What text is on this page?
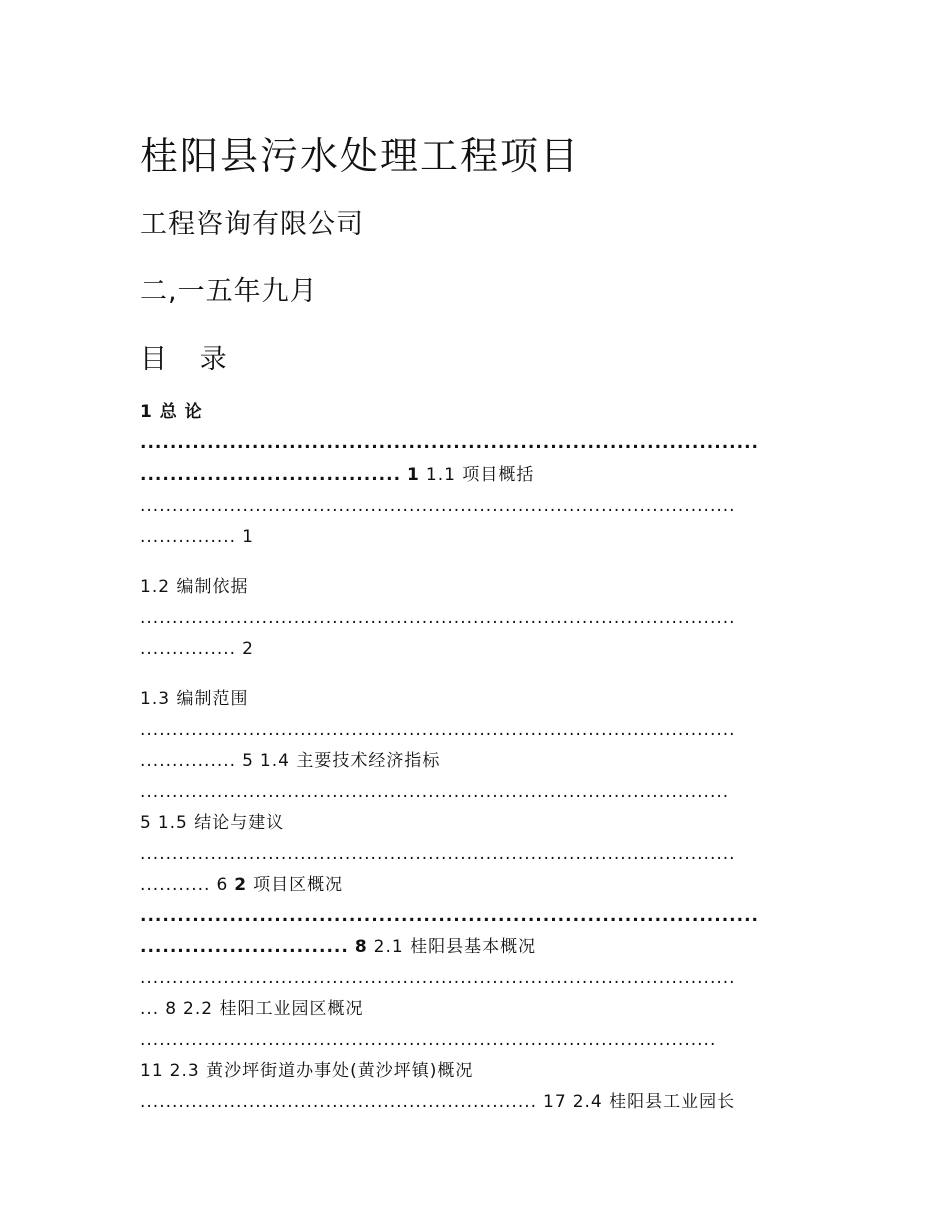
桂阳县污水处理工程项目
工程咨询有限公司
二,一五年九月
目 录
1 总 论
...................................................................................
................................... 1 1.1 项目概括
.............................................................................................
............... 1
1.2 编制依据
.............................................................................................
............... 2
1.3 编制范围
.............................................................................................
............... 5 1.4 主要技术经济指标
............................................................................................
5 1.5 结论与建议
.............................................................................................
........... 6 2 项目区概况
...................................................................................
............................ 8 2.1 桂阳县基本概况
.............................................................................................
... 8 2.2 桂阳工业园区概况
..........................................................................................
11 2.3 黄沙坪街道办事处(黄沙坪镇)概况
.............................................................. 17 2.4 桂阳县工业园长
